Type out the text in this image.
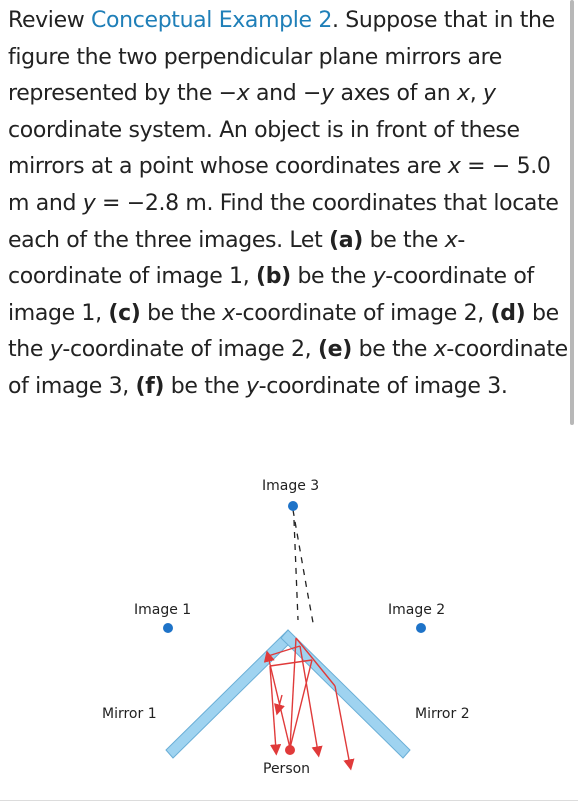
Review Conceptual Example 2. Suppose that in the figure the two perpendicular plane mirrors are represented by the −x and −y axes of an x, y coordinate system. An object is in front of these mirrors at a point whose coordinates are x = − 5.0 m and y = −2.8 m. Find the coordinates that locate each of the three images. Let (a) be the x-coordinate of image 1, (b) be the y-coordinate of image 1, (c) be the x-coordinate of image 2, (d) be the y-coordinate of image 2, (e) be the x-coordinate of image 3, (f) be the y-coordinate of image 3.
Image 3
Image 1	Image 2
Mirror 1	Mirror 2
Person
